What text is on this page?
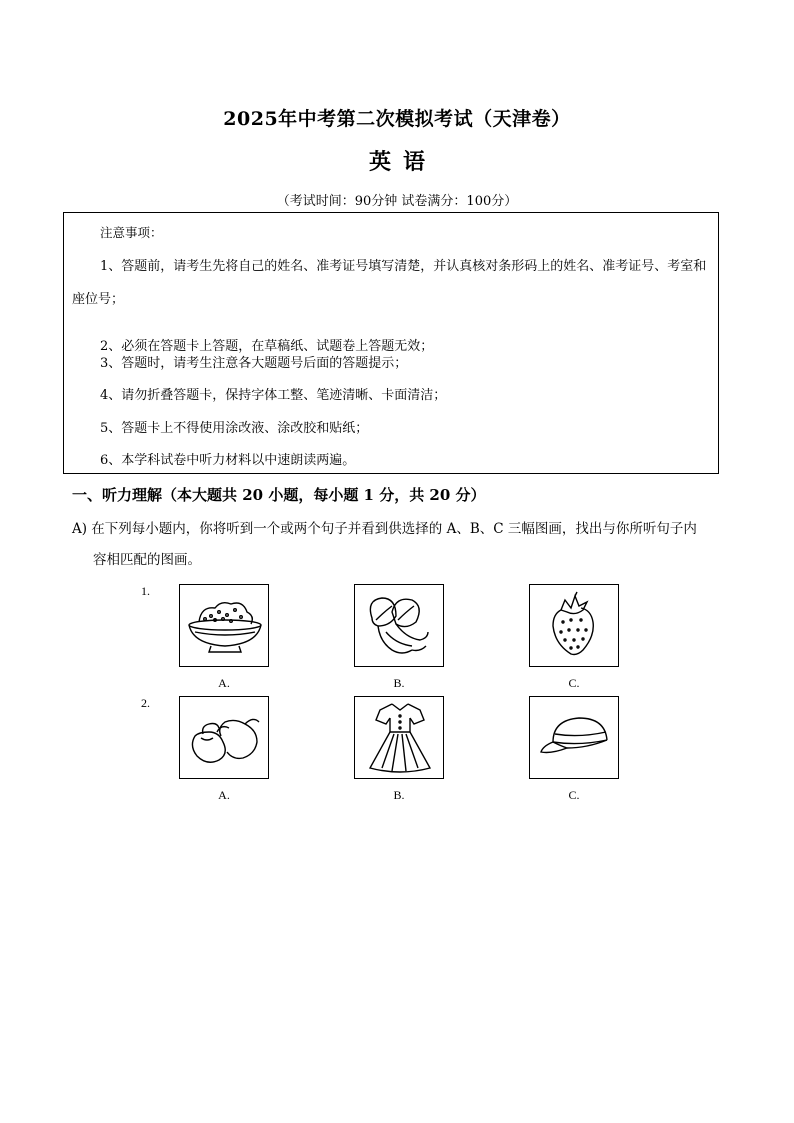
2025年中考第二次模拟考试（天津卷）
英语
（考试时间：90分钟 试卷满分：100分）
注意事项：
1、答题前，请考生先将自己的姓名、准考证号填写清楚，并认真核对条形码上的姓名、准考证号、考室和座位号；
2、必须在答题卡上答题，在草稿纸、试题卷上答题无效；
3、答题时，请考生注意各大题题号后面的答题提示；
4、请勿折叠答题卡，保持字体工整、笔迹清晰、卡面清洁；
5、答题卡上不得使用涂改液、涂改胶和贴纸；
6、本学科试卷中听力材料以中速朗读两遍。
一、听力理解（本大题共 20 小题，每小题 1 分，共 20 分）
A) 在下列每小题内，你将听到一个或两个句子并看到供选择的 A、B、C 三幅图画，找出与你所听句子内
容相匹配的图画。
1.
A.	B.	C.
2.
A.	B.	C.
